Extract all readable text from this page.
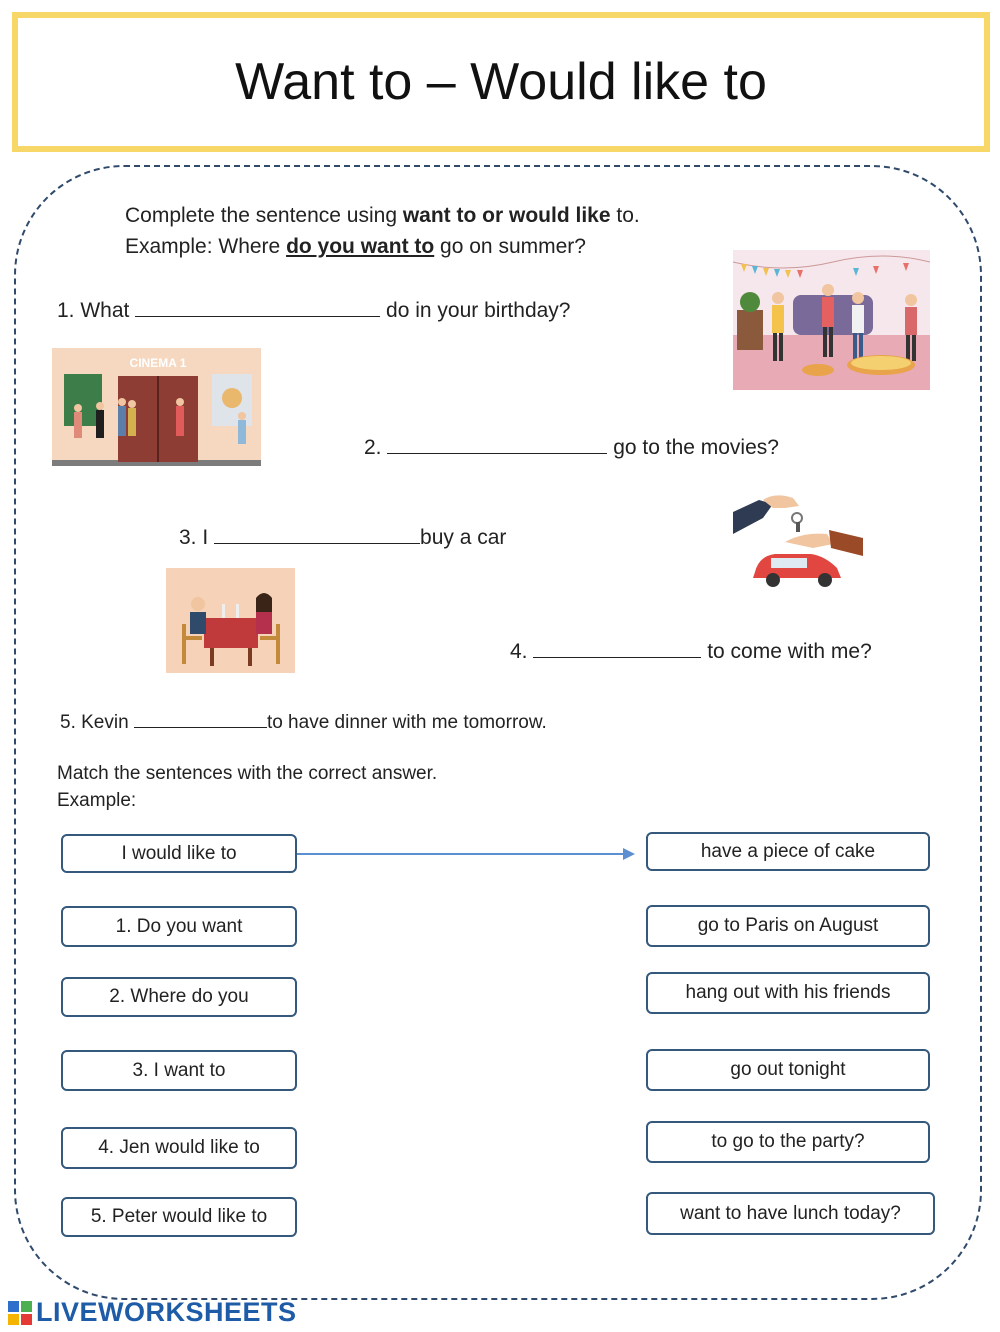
Want to – Would like to
Complete the sentence using want to or would like to.
Example: Where do you want to go on summer?
1. What	do in your birthday?
CINEMA 1
2.	go to the movies?
3. I	buy a car
4.	to come with me?
5. Kevin	to have dinner with me tomorrow.
Match the sentences with the correct answer.
Example:
I would like to
1. Do you want
2. Where do you
3. I want to
4. Jen would like to
5. Peter would like to
have a piece of cake
go to Paris on August
hang out with his friends
go out tonight
to go to the party?
want to have lunch today?
LIVEWORKSHEETS
